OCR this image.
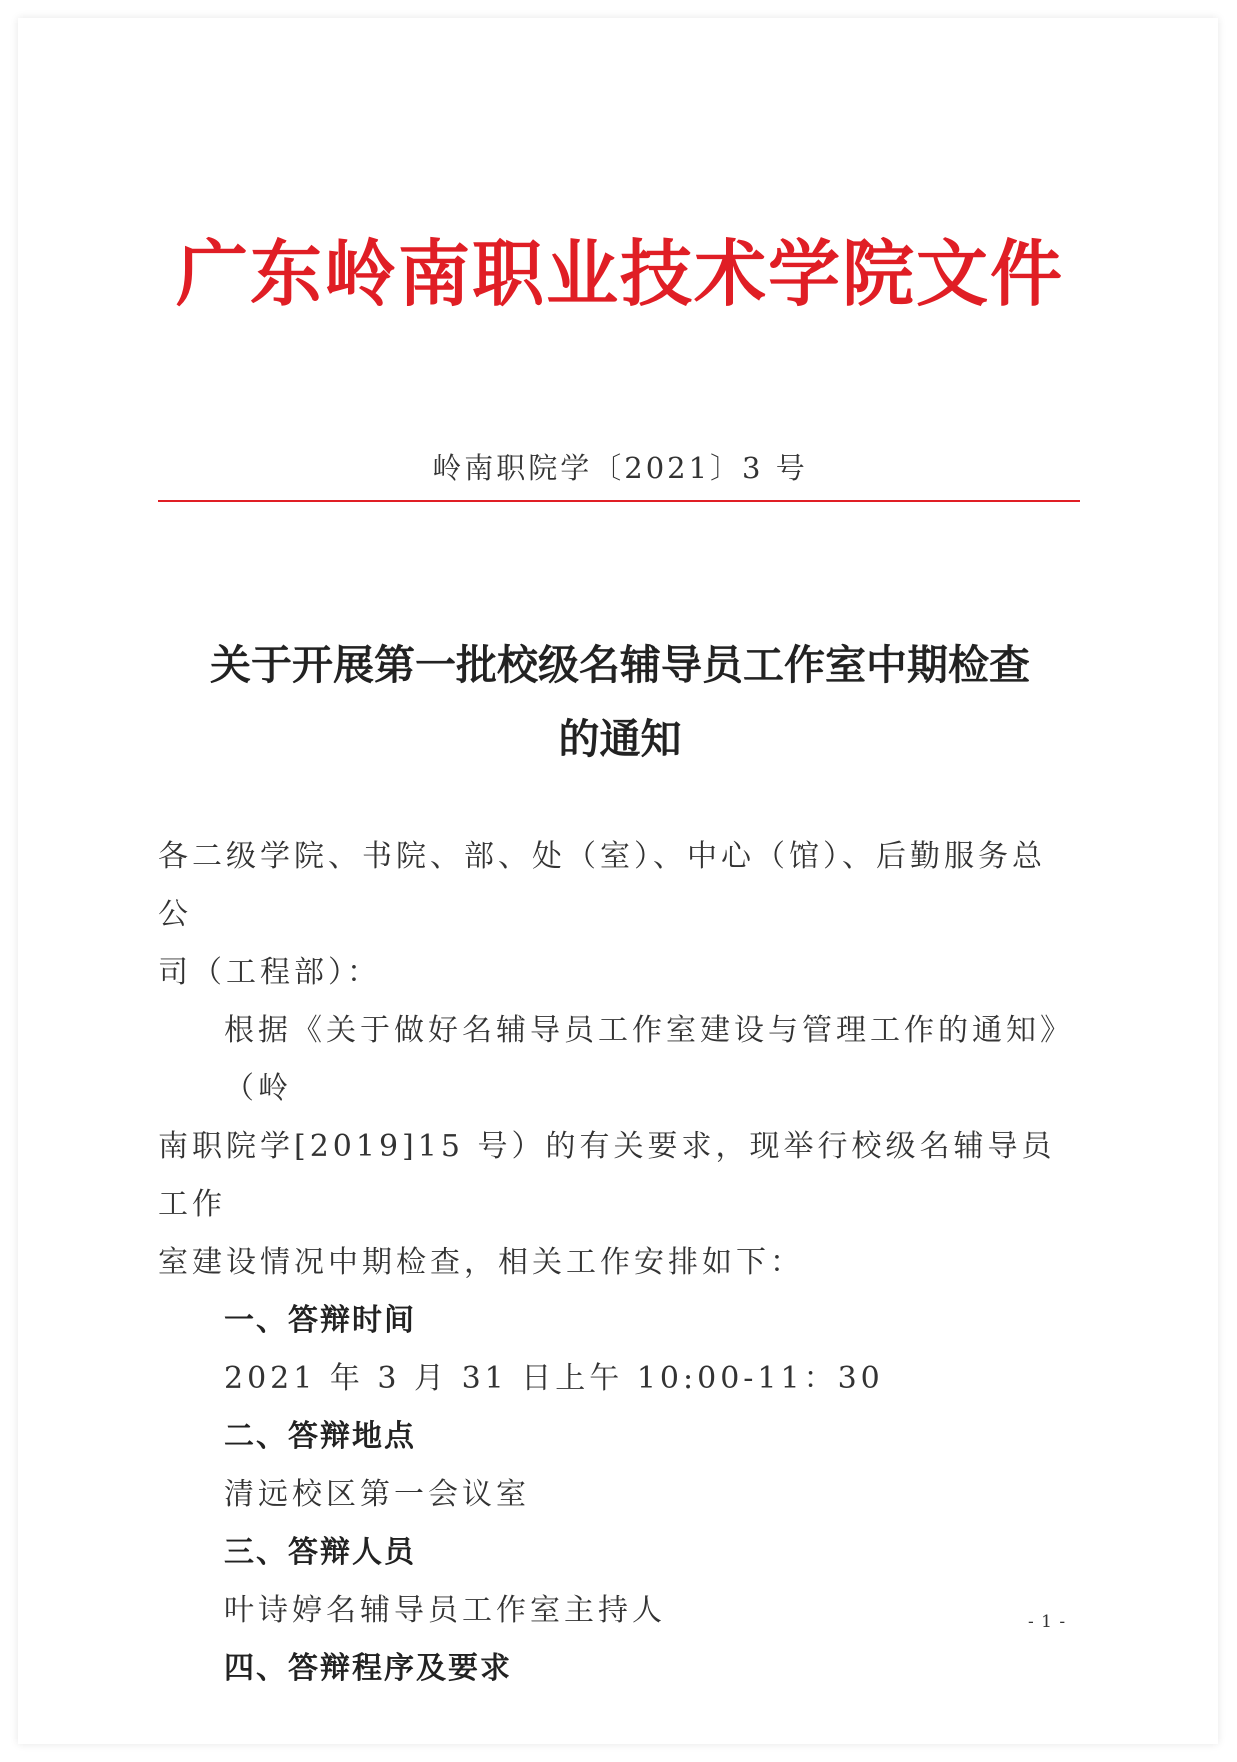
广东岭南职业技术学院文件
岭南职院学〔2021〕3 号
关于开展第一批校级名辅导员工作室中期检查
的通知

各二级学院、书院、部、处（室）、中心（馆）、后勤服务总公

司（工程部）：

根据《关于做好名辅导员工作室建设与管理工作的通知》（岭

南职院学[2019]15 号）的有关要求，现举行校级名辅导员工作

室建设情况中期检查，相关工作安排如下：

一、答辩时间

2021 年 3 月 31 日上午 10:00-11：30

二、答辩地点

清远校区第一会议室

三、答辩人员

叶诗婷名辅导员工作室主持人

四、答辩程序及要求

- 1 -
